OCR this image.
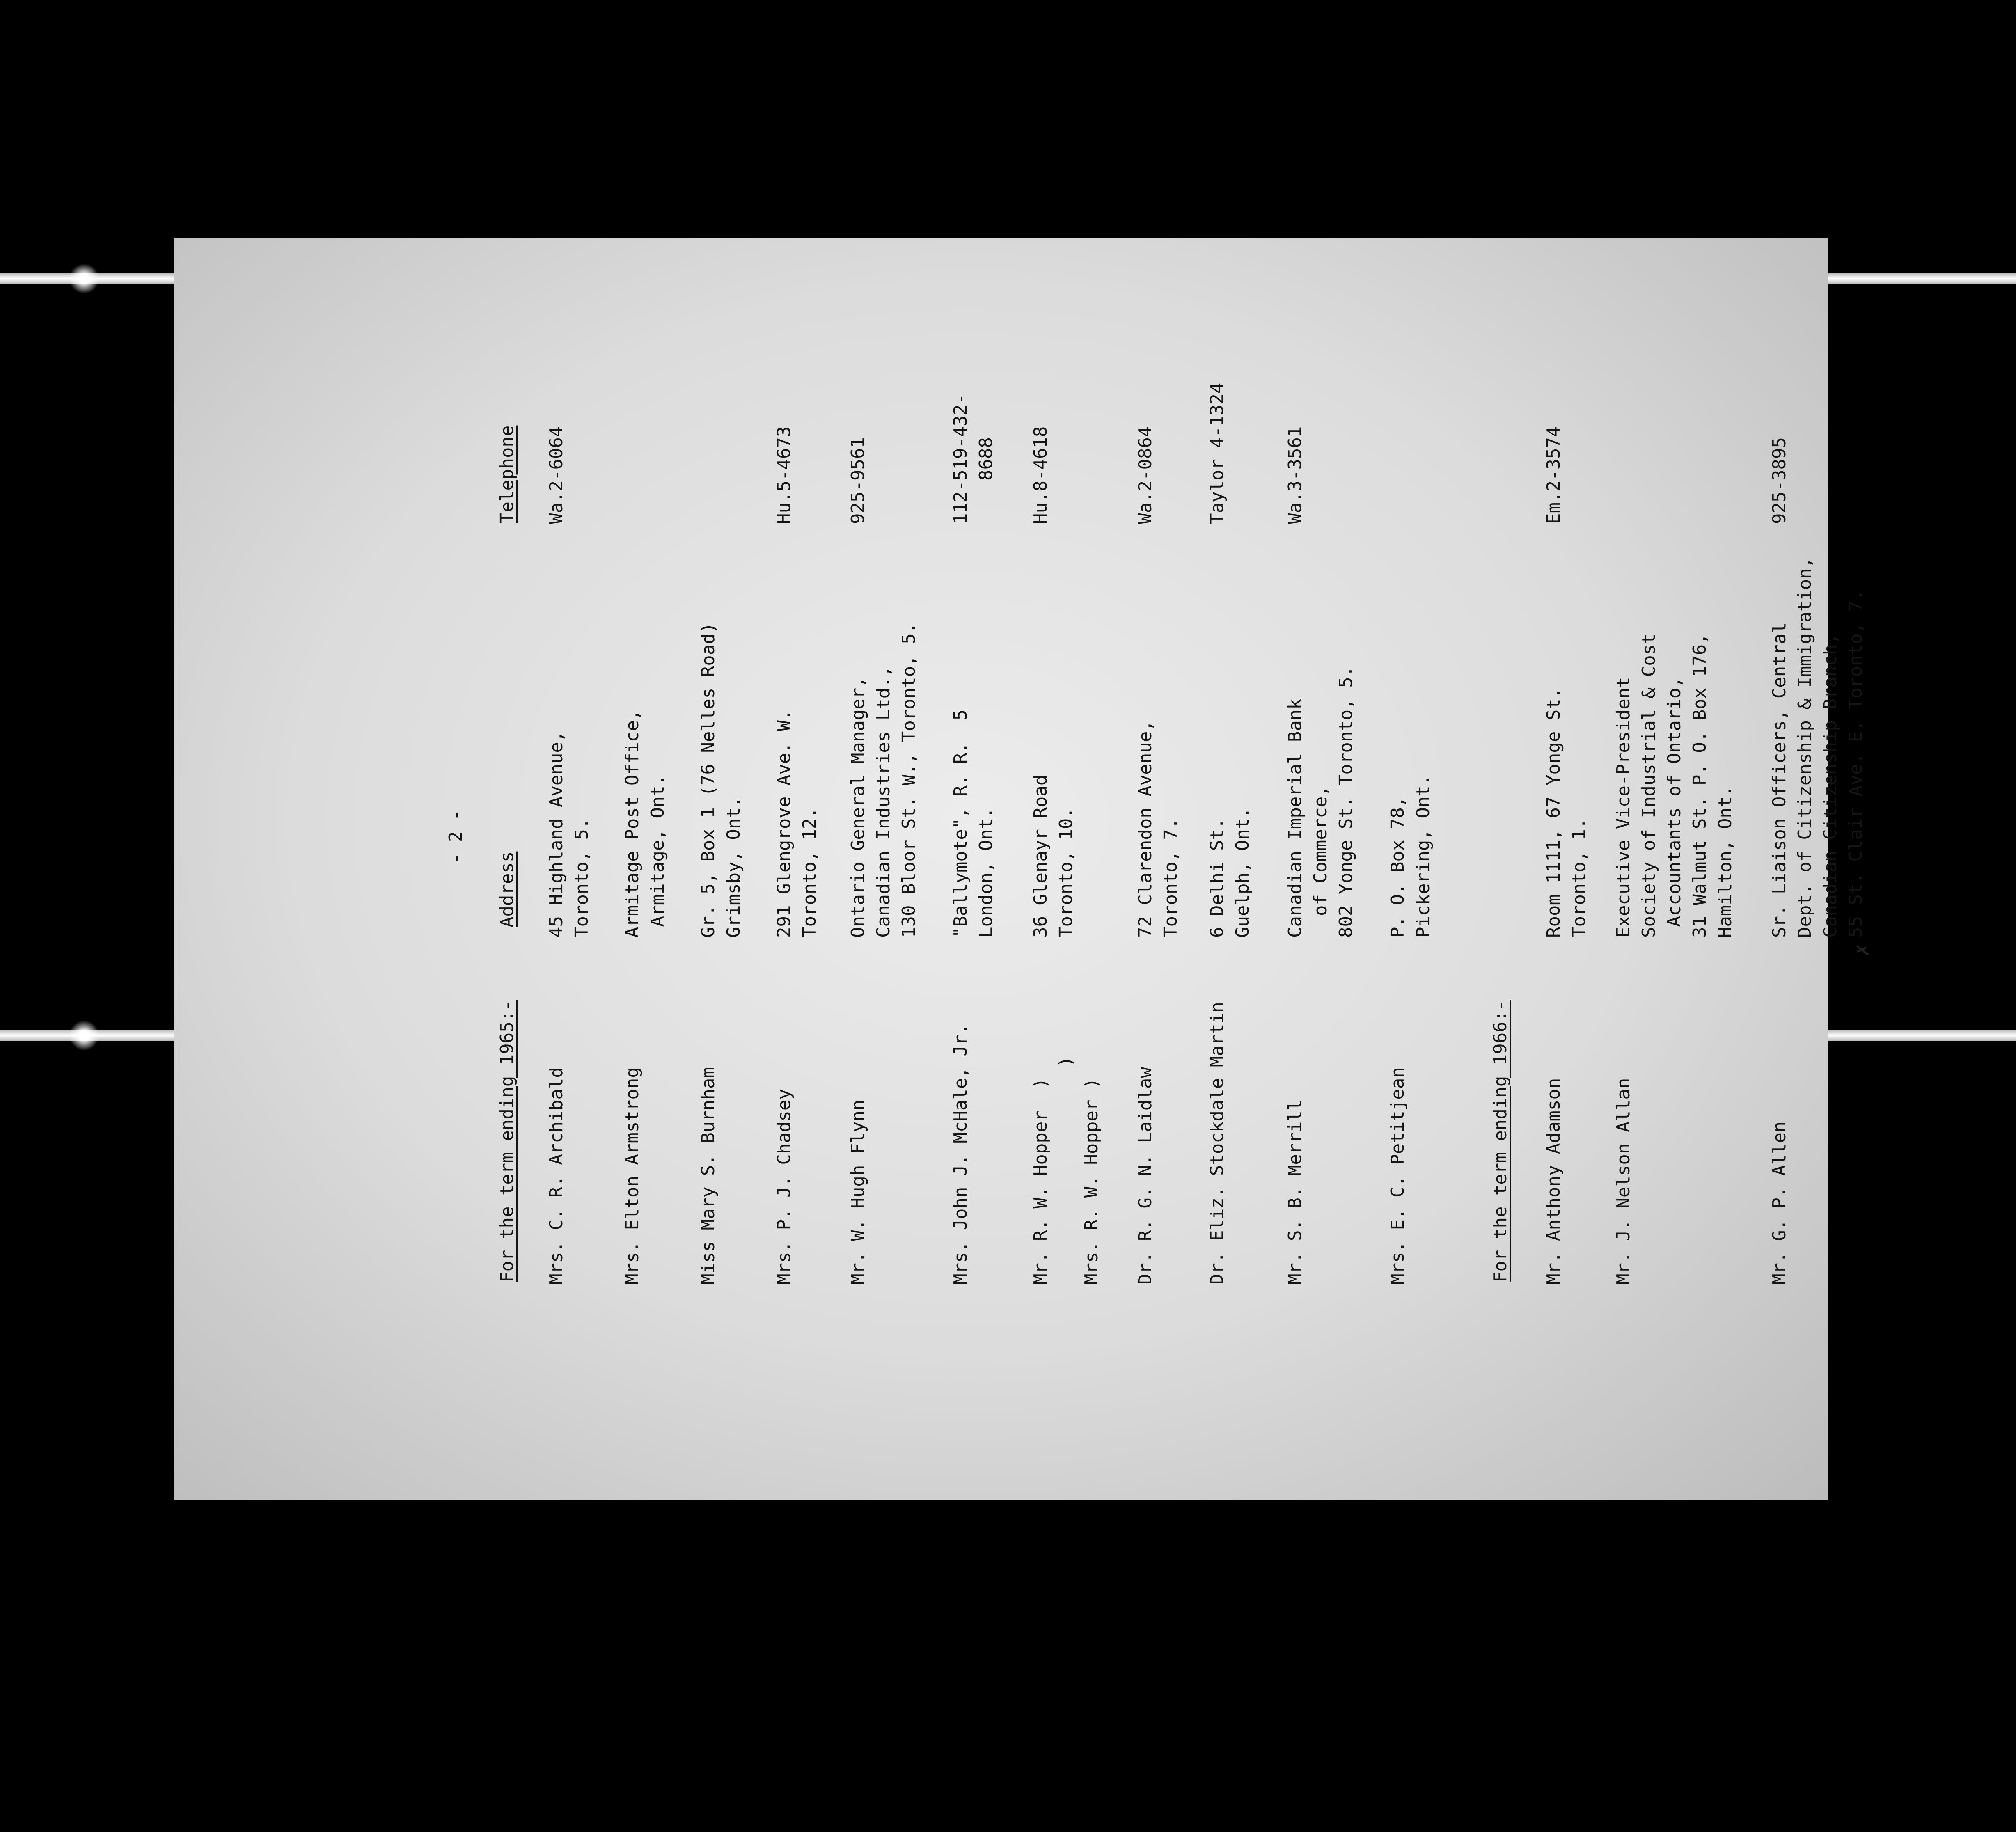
- 2 -
For the term ending 1965:-
Address
Telephone
Mrs. C. R. Archibald
45 Highland Avenue,
Toronto, 5.
Wa.2-6064
Mrs. Elton Armstrong
Armitage Post Office,
Armitage, Ont.
Miss Mary S. Burnham
Gr. 5, Box 1 (76 Nelles Road)
Grimsby, Ont.
Mrs. P. J. Chadsey
291 Glengrove Ave. W.
Toronto, 12.
Hu.5-4673
Mr. W. Hugh Flynn
Ontario General Manager,
Canadian Industries Ltd.,
130 Bloor St. W., Toronto, 5.
925-9561
Mrs. John J. McHale, Jr.
"Ballymote", R. R.  5
London, Ont.
112-519-432-
8688
Mr. R. W. Hopper  )
)
Mrs. R. W. Hopper )
36 Glenayr Road
Toronto, 10.
Hu.8-4618
Dr. R. G. N. Laidlaw
72 Clarendon Avenue,
Toronto, 7.
Wa.2-0864
Dr. Eliz. Stockdale Martin
6 Delhi St.
Guelph, Ont.
Taylor 4-1324
Mr. S. B. Merrill
Canadian Imperial Bank
of Commerce,
802 Yonge St. Toronto, 5.
Wa.3-3561
Mrs. E. C. Petitjean
P. O. Box 78,
Pickering, Ont.
For the term ending 1966:- Mr. Anthony Adamson
Room 1111, 67 Yonge St.
Toronto, 1.
Em.2-3574
Mr. J. Nelson Allan
Executive Vice-President
Society of Industrial & Cost
Accountants of Ontario,
31 Walmut St. P. O. Box 176,
Hamilton, Ont.
Mr. G. P. Allen
Sr. Liaison Officers, Central
Dept. of Citizenship & Immigration,
Canadian Citizenship Branch,
55 St. Clair Ave. E. Toronto, 7.
925-3895
✗
